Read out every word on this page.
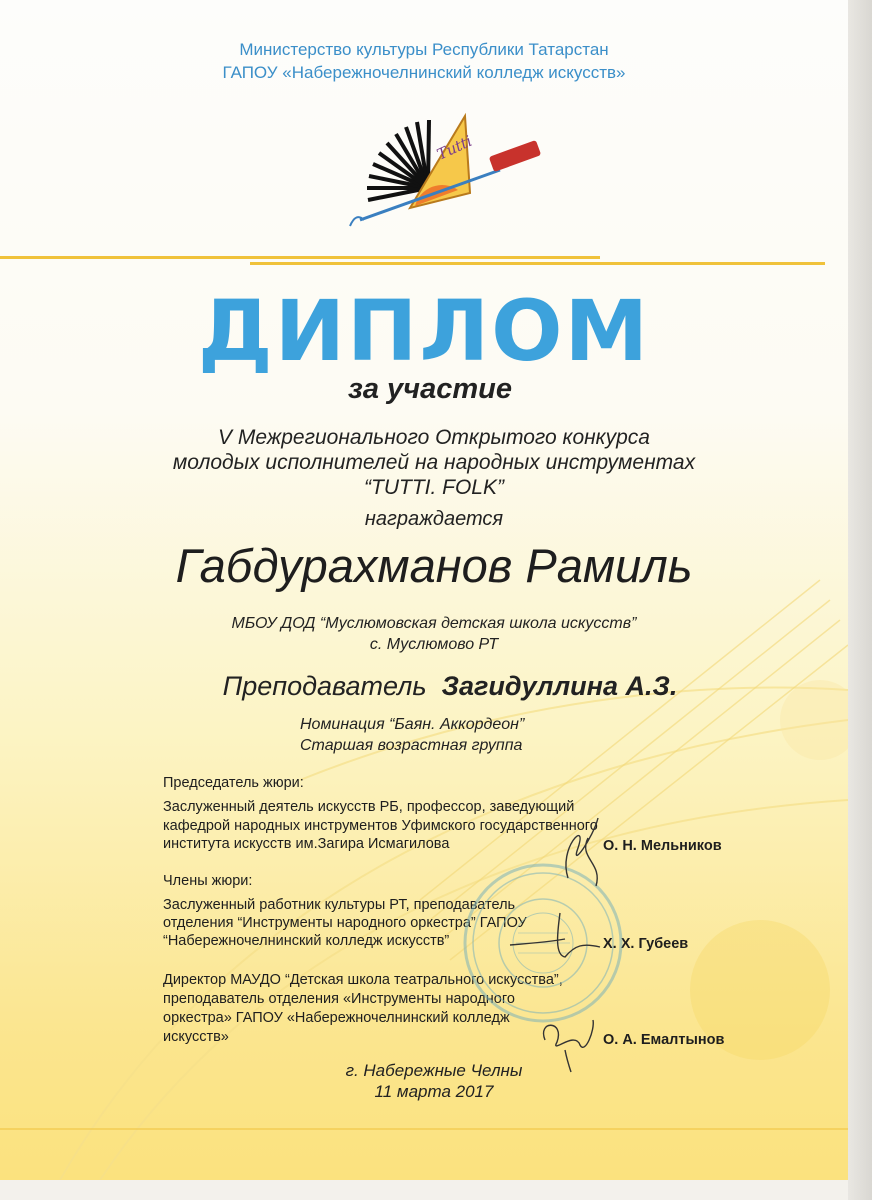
Министерство культуры Республики Татарстан
ГАПОУ «Набережночелнинский колледж искусств»
Tutti
ДИПЛОМ
за участие
V Межрегионального Открытого конкурса
молодых исполнителей на народных инструментах
“TUTTI. FOLK”
награждается
Габдурахманов Рамиль
МБОУ ДОД “Муслюмовская детская школа искусств”
с. Муслюмово РТ
Преподаватель Загидуллина А.З.
Номинация “Баян. Аккордеон”
Старшая возрастная группа
Председатель жюри:
Заслуженный деятель искусств РБ, профессор, заведующий
кафедрой народных инструментов Уфимского государственного
института искусств им.Загира Исмагилова	О. Н. Мельников
Члены жюри:
Заслуженный работник культуры РТ, преподаватель
отделения “Инструменты народного оркестра” ГАПОУ
“Набережночелнинский колледж искусств”	Х. Х. Губеев
Директор МАУДО “Детская школа театрального искусства”,
преподаватель отделения «Инструменты народного
оркестра» ГАПОУ «Набережночелнинский колледж
искусств»	О. А. Емалтынов
г. Набережные Челны
11 марта 2017
